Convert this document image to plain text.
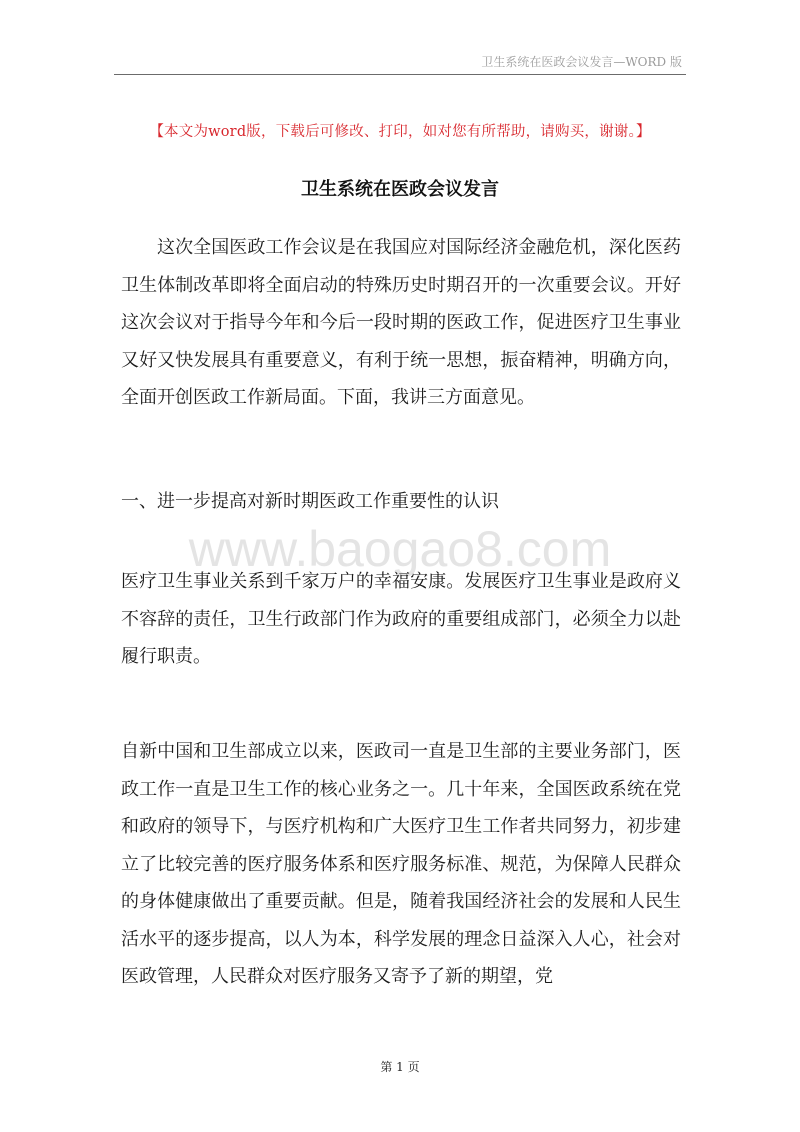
卫生系统在医政会议发言—WORD 版
【本文为word版，下载后可修改、打印，如对您有所帮助，请购买，谢谢。】
卫生系统在医政会议发言

这次全国医政工作会议是在我国应对国际经济金融危机，深化医药卫生体制改革即将全面启动的特殊历史时期召开的一次重要会议。开好这次会议对于指导今年和今后一段时期的医政工作，促进医疗卫生事业又好又快发展具有重要意义，有利于统一思想，振奋精神，明确方向，全面开创医政工作新局面。下面，我讲三方面意见。

一、进一步提高对新时期医政工作重要性的认识

www.baogao8.com

医疗卫生事业关系到千家万户的幸福安康。发展医疗卫生事业是政府义不容辞的责任，卫生行政部门作为政府的重要组成部门，必须全力以赴履行职责。

自新中国和卫生部成立以来，医政司一直是卫生部的主要业务部门，医政工作一直是卫生工作的核心业务之一。几十年来，全国医政系统在党和政府的领导下，与医疗机构和广大医疗卫生工作者共同努力，初步建立了比较完善的医疗服务体系和医疗服务标准、规范，为保障人民群众的身体健康做出了重要贡献。但是，随着我国经济社会的发展和人民生活水平的逐步提高，以人为本，科学发展的理念日益深入人心，社会对医政管理，人民群众对医疗服务又寄予了新的期望，党

第 1 页
